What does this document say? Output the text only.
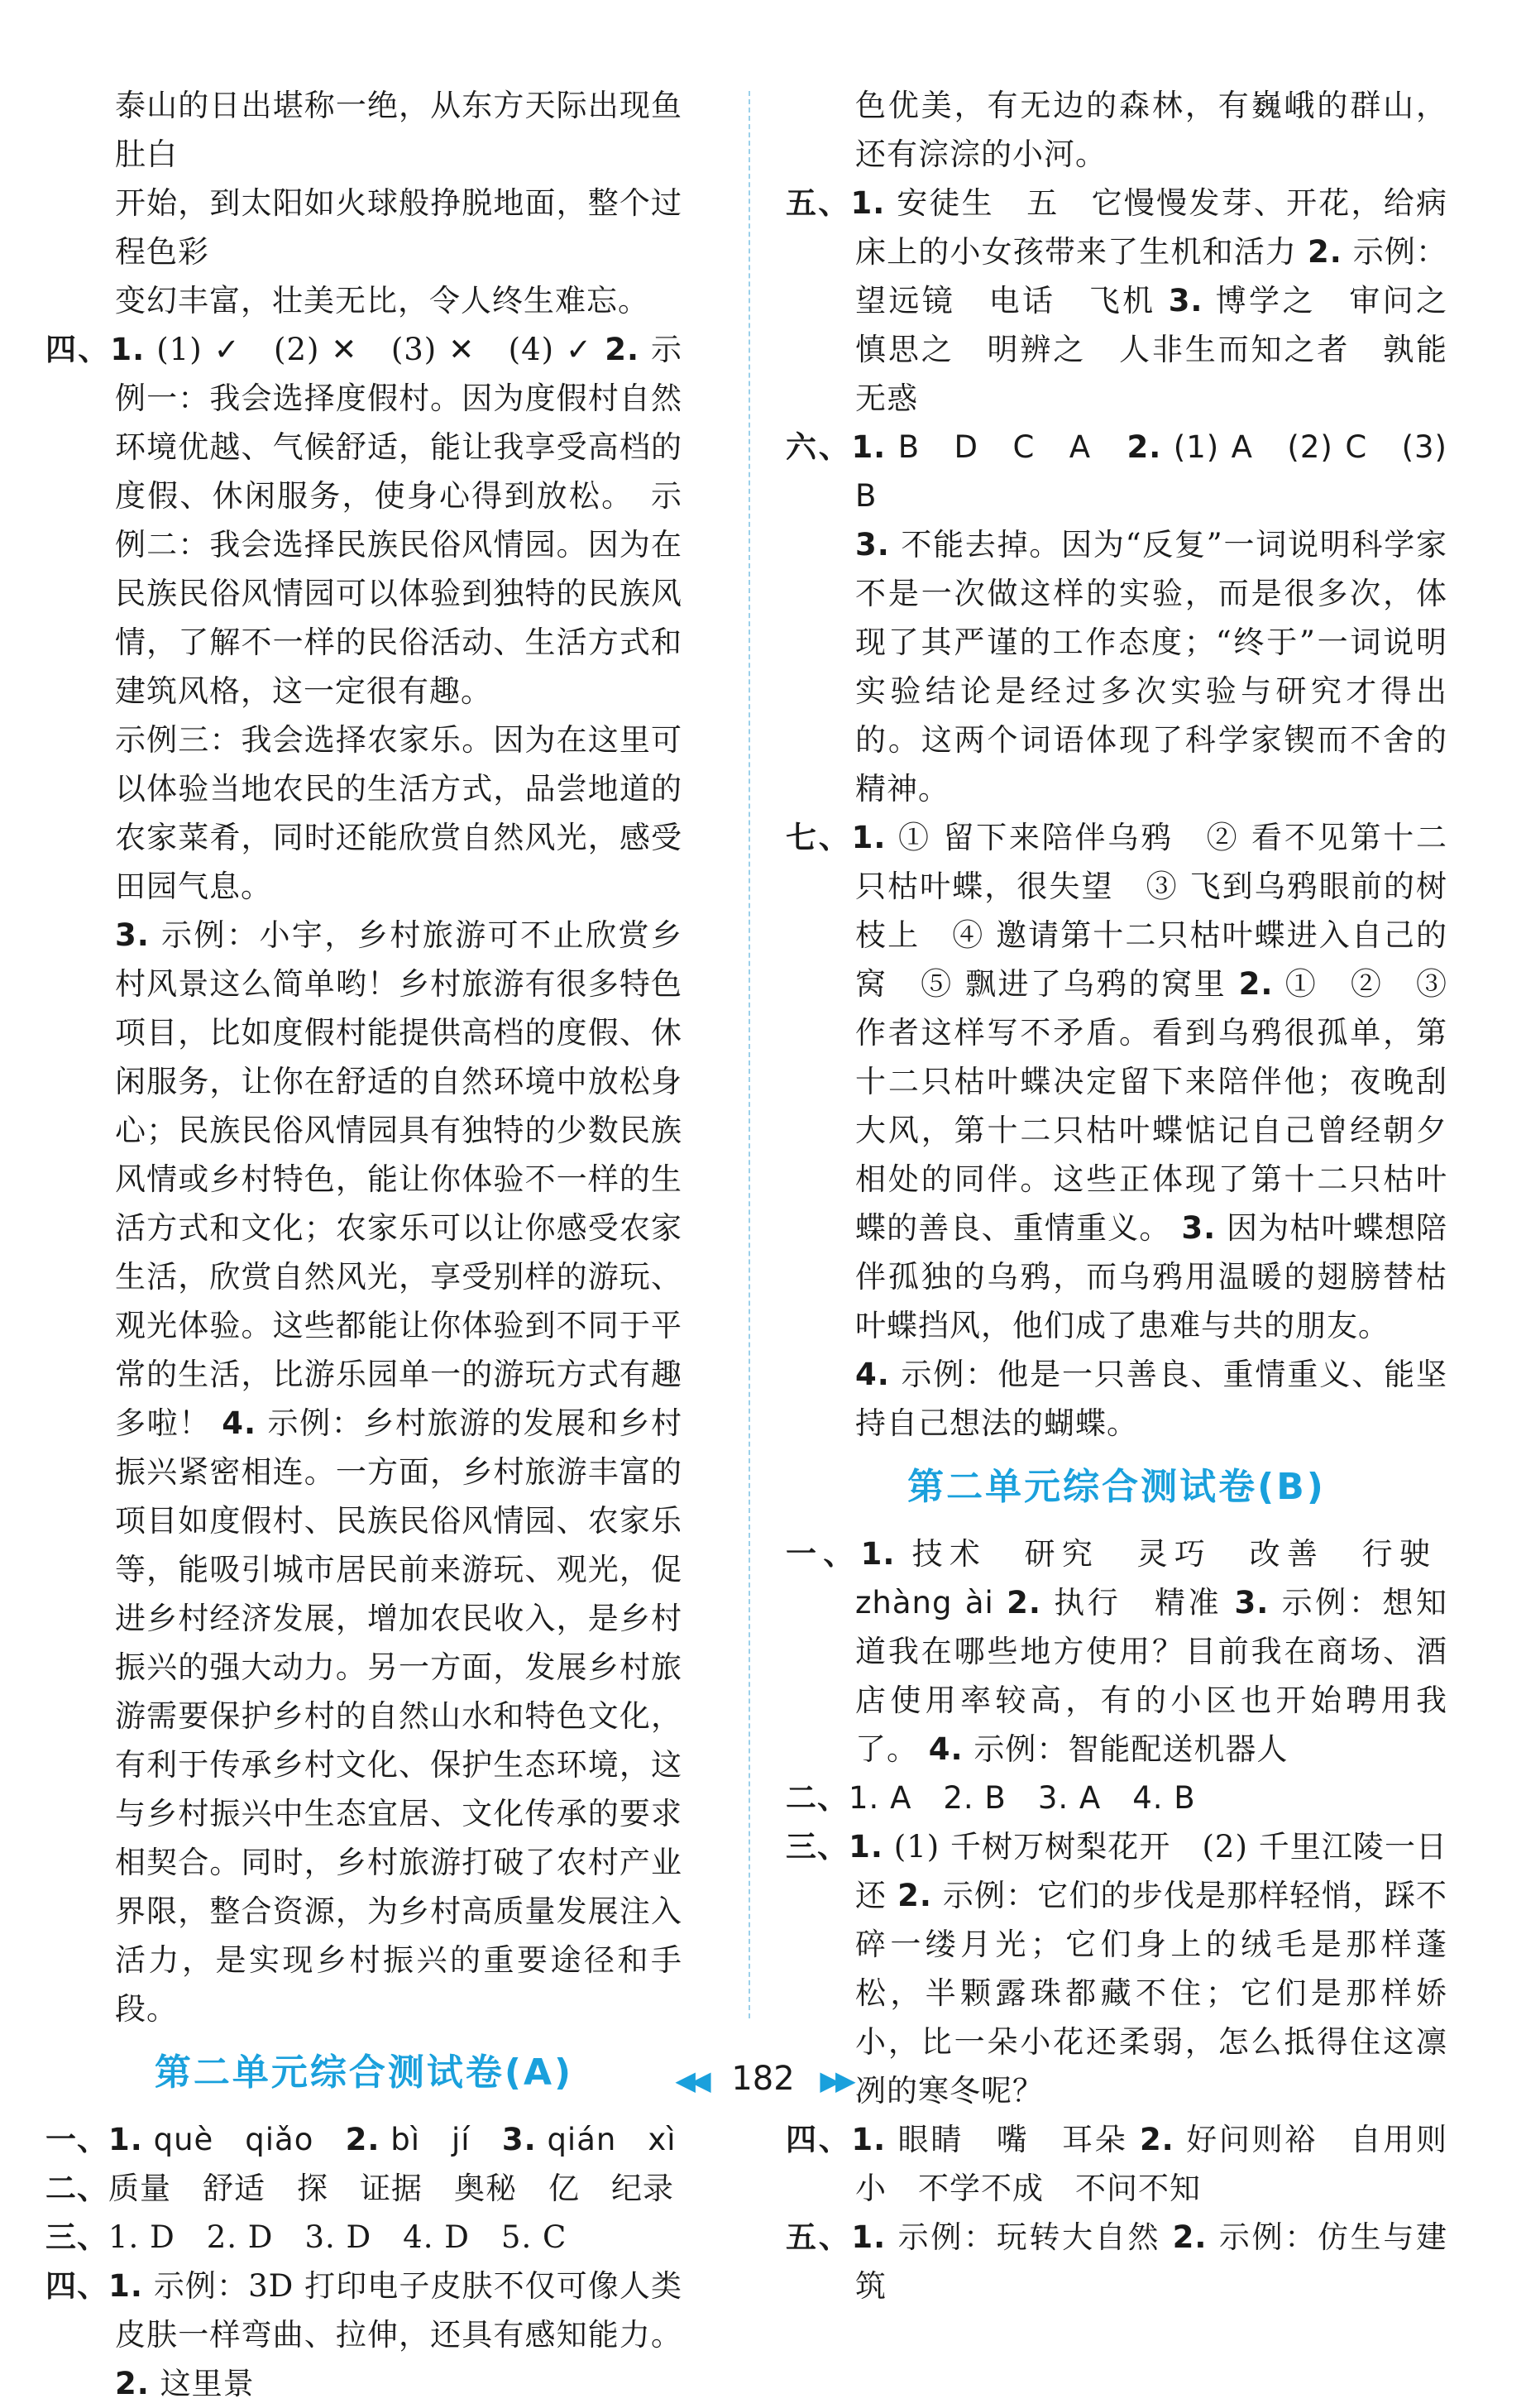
泰山的日出堪称一绝，从东方天际出现鱼肚白
开始，到太阳如火球般挣脱地面，整个过程色彩
变幻丰富，壮美无比，令人终生难忘。

四、1. (1) ✓　(2) ✕　(3) ✕　(4) ✓ 2. 示例一：我会选择度假村。因为度假村自然环境优越、气候舒适，能让我享受高档的度假、休闲服务，使身心得到放松。　示例二：我会选择民族民俗风情园。因为在民族民俗风情园可以体验到独特的民族风情，了解不一样的民俗活动、生活方式和建筑风格，这一定很有趣。

示例三：我会选择农家乐。因为在这里可以体验当地农民的生活方式，品尝地道的农家菜肴，同时还能欣赏自然风光，感受田园气息。

3. 示例：小宇，乡村旅游可不止欣赏乡村风景这么简单哟！乡村旅游有很多特色项目，比如度假村能提供高档的度假、休闲服务，让你在舒适的自然环境中放松身心；民族民俗风情园具有独特的少数民族风情或乡村特色，能让你体验不一样的生活方式和文化；农家乐可以让你感受农家生活，欣赏自然风光，享受别样的游玩、观光体验。这些都能让你体验到不同于平常的生活，比游乐园单一的游玩方式有趣多啦！ 4. 示例：乡村旅游的发展和乡村振兴紧密相连。一方面，乡村旅游丰富的项目如度假村、民族民俗风情园、农家乐等，能吸引城市居民前来游玩、观光，促进乡村经济发展，增加农民收入，是乡村振兴的强大动力。另一方面，发展乡村旅游需要保护乡村的自然山水和特色文化，有利于传承乡村文化、保护生态环境，这与乡村振兴中生态宜居、文化传承的要求相契合。同时，乡村旅游打破了农村产业界限，整合资源，为乡村高质量发展注入活力，是实现乡村振兴的重要途径和手段。

第二单元综合测试卷(A)

一、1. què　qiǎo 2. bì　jí 3. qián　xì

二、质量　舒适　探　证据　奥秘　亿　纪录

三、1. D　2. D　3. D　4. D　5. C

四、1. 示例：3D 打印电子皮肤不仅可像人类皮肤一样弯曲、拉伸，还具有感知能力。 2. 这里景

色优美，有无边的森林，有巍峨的群山，还有淙淙的小河。

五、1. 安徒生　五　它慢慢发芽、开花，给病床上的小女孩带来了生机和活力 2. 示例：望远镜　电话　飞机 3. 博学之　审问之　慎思之　明辨之　人非生而知之者　孰能无惑

六、1. B　D　C　A 2. (1) A　(2) C　(3) B

3. 不能去掉。因为“反复”一词说明科学家不是一次做这样的实验，而是很多次，体现了其严谨的工作态度；“终于”一词说明实验结论是经过多次实验与研究才得出的。这两个词语体现了科学家锲而不舍的精神。

七、1. ① 留下来陪伴乌鸦　② 看不见第十二只枯叶蝶，很失望　③ 飞到乌鸦眼前的树枝上　④ 邀请第十二只枯叶蝶进入自己的窝　⑤ 飘进了乌鸦的窝里 2. ①　②　③　作者这样写不矛盾。看到乌鸦很孤单，第十二只枯叶蝶决定留下来陪伴他；夜晚刮大风，第十二只枯叶蝶惦记自己曾经朝夕相处的同伴。这些正体现了第十二只枯叶蝶的善良、重情重义。 3. 因为枯叶蝶想陪伴孤独的乌鸦，而乌鸦用温暖的翅膀替枯叶蝶挡风，他们成了患难与共的朋友。

4. 示例：他是一只善良、重情重义、能坚持自己想法的蝴蝶。

第二单元综合测试卷(B)

一、1. 技术　研究　灵巧　改善　行驶  zhàng ài 2. 执行　精准 3. 示例：想知道我在哪些地方使用？目前我在商场、酒店使用率较高，有的小区也开始聘用我了。 4. 示例：智能配送机器人

二、1. A　2. B　3. A　4. B

三、1. (1) 千树万树梨花开　(2) 千里江陵一日还 2. 示例：它们的步伐是那样轻悄，踩不碎一缕月光；它们身上的绒毛是那样蓬松，半颗露珠都藏不住；它们是那样娇小，比一朵小花还柔弱，怎么抵得住这凛冽的寒冬呢？

四、1. 眼睛　嘴　耳朵 2. 好问则裕　自用则小　不学不成　不问不知

五、1. 示例：玩转大自然 2. 示例：仿生与建筑

◀◀ 182 ▶▶
